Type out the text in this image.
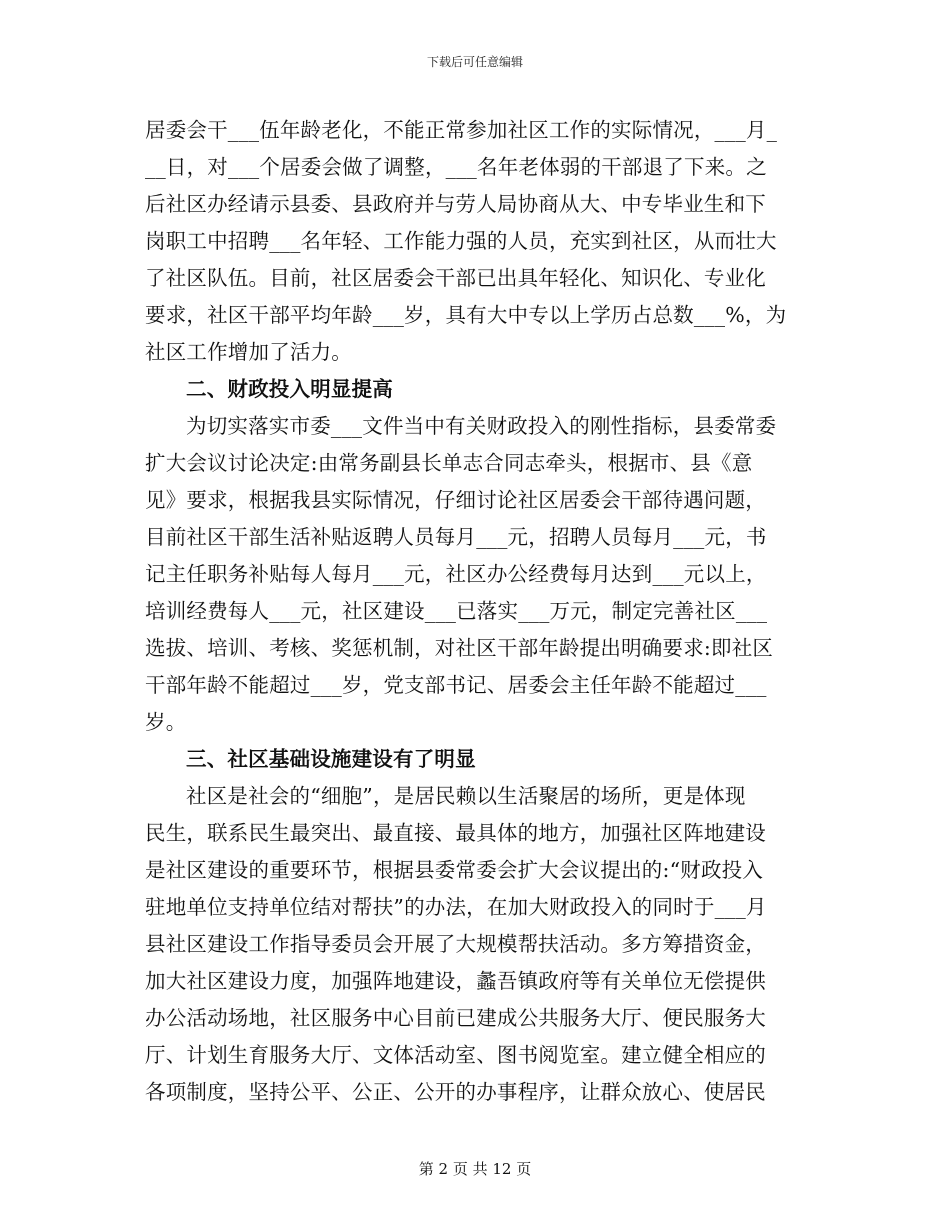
下载后可任意编辑
居委会干___伍年龄老化，不能正常参加社区工作的实际情况，___月_
__日，对___个居委会做了调整，___名年老体弱的干部退了下来。之
后社区办经请示县委、县政府并与劳人局协商从大、中专毕业生和下
岗职工中招聘___名年轻、工作能力强的人员，充实到社区，从而壮大
了社区队伍。目前，社区居委会干部已出具年轻化、知识化、专业化
要求，社区干部平均年龄___岁，具有大中专以上学历占总数___%，为
社区工作增加了活力。
二、财政投入明显提高
为切实落实市委___文件当中有关财政投入的刚性指标，县委常委
扩大会议讨论决定:由常务副县长单志合同志牵头，根据市、县《意
见》要求，根据我县实际情况，仔细讨论社区居委会干部待遇问题，
目前社区干部生活补贴返聘人员每月___元，招聘人员每月___元，书
记主任职务补贴每人每月___元，社区办公经费每月达到___元以上，
培训经费每人___元，社区建设___已落实___万元，制定完善社区___
选拔、培训、考核、奖惩机制，对社区干部年龄提出明确要求:即社区
干部年龄不能超过___岁，党支部书记、居委会主任年龄不能超过___
岁。
三、社区基础设施建设有了明显
社区是社会的“细胞”，是居民赖以生活聚居的场所，更是体现
民生，联系民生最突出、最直接、最具体的地方，加强社区阵地建设
是社区建设的重要环节，根据县委常委会扩大会议提出的:“财政投入
驻地单位支持单位结对帮扶”的办法，在加大财政投入的同时于___月
县社区建设工作指导委员会开展了大规模帮扶活动。多方筹措资金，
加大社区建设力度，加强阵地建设，蠡吾镇政府等有关单位无偿提供
办公活动场地，社区服务中心目前已建成公共服务大厅、便民服务大
厅、计划生育服务大厅、文体活动室、图书阅览室。建立健全相应的
各项制度，坚持公平、公正、公开的办事程序，让群众放心、使居民
第 2 页 共 12 页
